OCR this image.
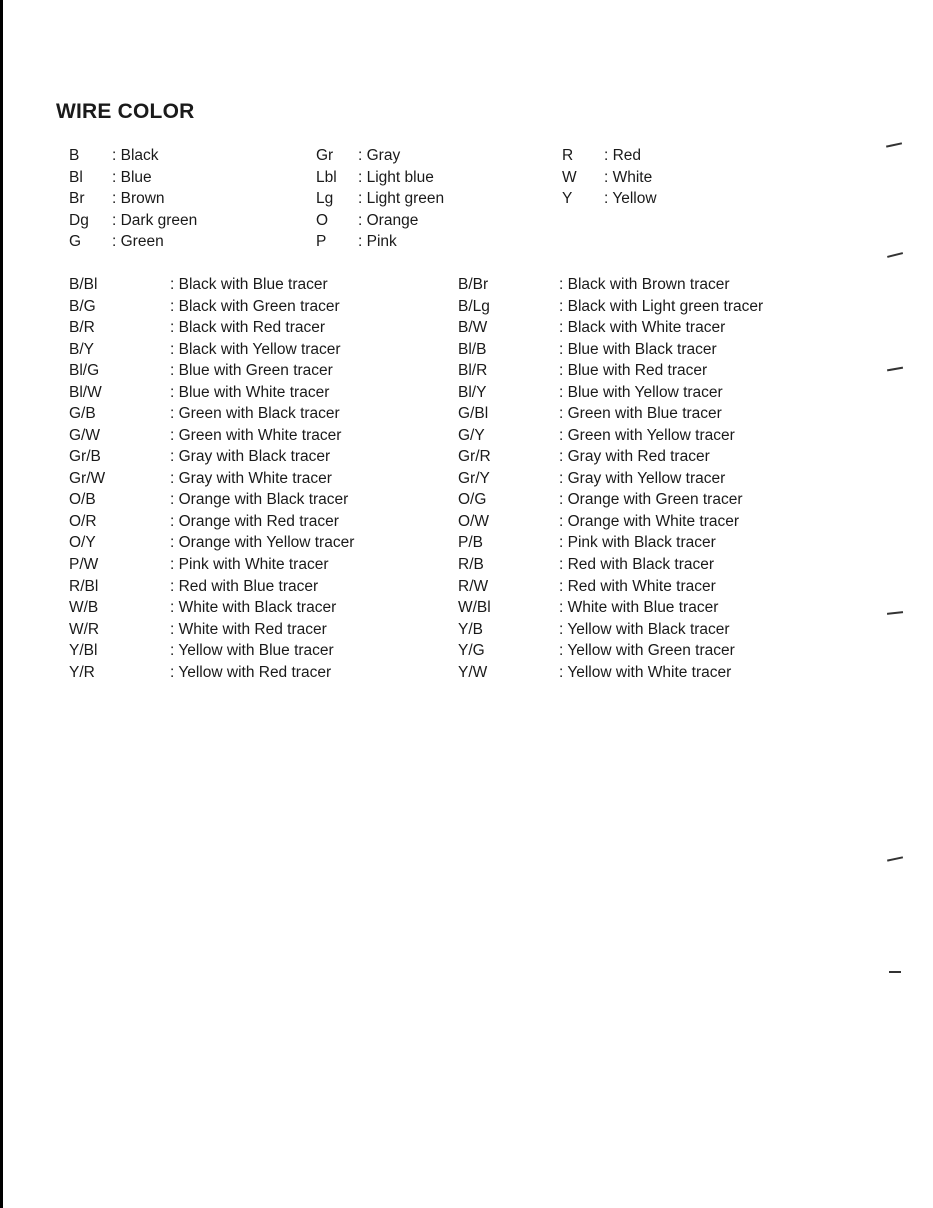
WIRE COLOR
B : Black
Bl : Blue
Br : Brown
Dg : Dark green
G : Green
Gr : Gray
Lbl : Light blue
Lg : Light green
O : Orange
P : Pink
R : Red
W : White
Y : Yellow
B/Bl	: Black with Blue tracer
B/G	: Black with Green tracer
B/R	: Black with Red tracer
B/Y	: Black with Yellow tracer
Bl/G	: Blue with Green tracer
Bl/W	: Blue with White tracer
G/B	: Green with Black tracer
G/W	: Green with White tracer
Gr/B	: Gray with Black tracer
Gr/W	: Gray with White tracer
O/B	: Orange with Black tracer
O/R	: Orange with Red tracer
O/Y	: Orange with Yellow tracer
P/W	: Pink with White tracer
R/Bl	: Red with Blue tracer
W/B	: White with Black tracer
W/R	: White with Red tracer
Y/Bl	: Yellow with Blue tracer
Y/R	: Yellow with Red tracer
B/Br	: Black with Brown tracer
B/Lg	: Black with Light green tracer
B/W	: Black with White tracer
Bl/B	: Blue with Black tracer
Bl/R	: Blue with Red tracer
Bl/Y	: Blue with Yellow tracer
G/Bl	: Green with Blue tracer
G/Y	: Green with Yellow tracer
Gr/R	: Gray with Red tracer
Gr/Y	: Gray with Yellow tracer
O/G	: Orange with Green tracer
O/W	: Orange with White tracer
P/B	: Pink with Black tracer
R/B	: Red with Black tracer
R/W	: Red with White tracer
W/Bl	: White with Blue tracer
Y/B	: Yellow with Black tracer
Y/G	: Yellow with Green tracer
Y/W	: Yellow with White tracer
